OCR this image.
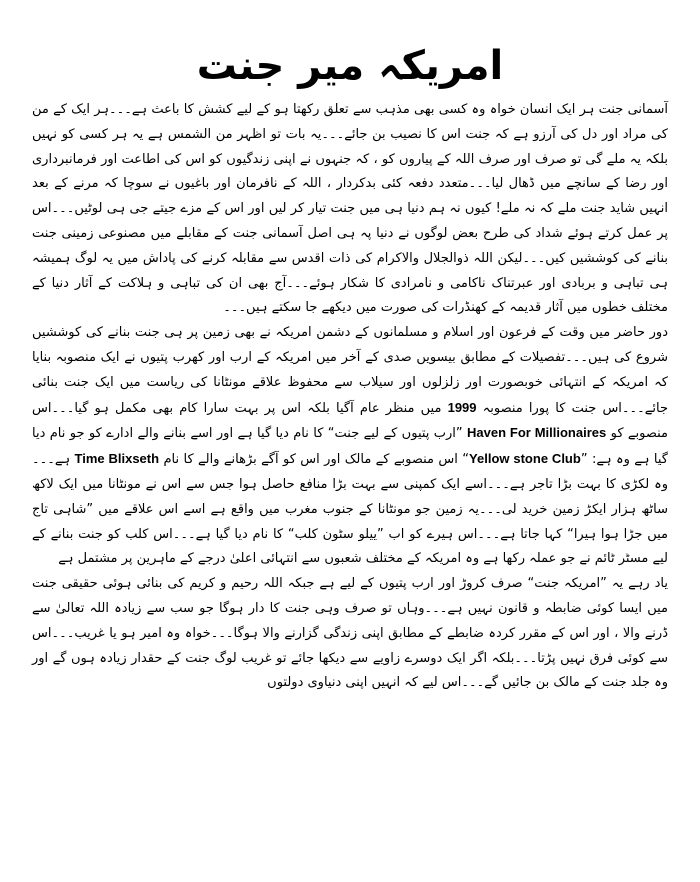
امریکہ میر جنت

آسمانی جنت ہر ایک انسان خواہ وہ کسی بھی مذہب سے تعلق رکھتا ہو کے لیے کشش کا باعث ہے۔۔۔ہر ایک کے من کی مراد اور دل کی آرزو ہے کہ جنت اس کا نصیب بن جائے۔۔۔یہ بات تو اظہر من الشمس ہے یہ ہر کسی کو نہیں بلکہ یہ ملے گی تو صرف اور صرف اللہ کے پیاروں کو ، کہ جنہوں نے اپنی زندگیوں کو اس کی اطاعت اور فرمانبرداری اور رضا کے سانچے میں ڈھال لیا۔۔۔متعدد دفعہ کئی بدکردار ، اللہ کے نافرمان اور باغیوں نے سوچا کہ مرنے کے بعد انہیں شاید جنت ملے کہ نہ ملے! کیوں نہ ہم دنیا ہی میں جنت تیار کر لیں اور اس کے مزے جیتے جی ہی لوٹیں۔۔۔اس پر عمل کرتے ہوئے شداد کی طرح بعض لوگوں نے دنیا پہ ہی اصل آسمانی جنت کے مقابلے میں مصنوعی زمینی جنت بنانے کی کوششیں کیں۔۔۔لیکن اللہ ذوالجلال والاکرام کی ذات اقدس سے مقابلہ کرنے کی پاداش میں یہ لوگ ہمیشہ ہی تباہی و بربادی اور عبرتناک ناکامی و نامرادی کا شکار ہوئے۔۔۔آج بھی ان کی تباہی و ہلاکت کے آثار دنیا کے مختلف خطوں میں آثار قدیمہ کے کھنڈرات کی صورت میں دیکھے جا سکتے ہیں۔۔۔

دور حاضر میں وقت کے فرعون اور اسلام و مسلمانوں کے دشمن امریکہ نے بھی زمین پر ہی جنت بنانے کی کوششیں شروع کی ہیں۔۔۔تفصیلات کے مطابق بیسویں صدی کے آخر میں امریکہ کے ارب اور کھرب پتیوں نے ایک منصوبہ بنایا کہ امریکہ کے انتہائی خوبصورت اور زلزلوں اور سیلاب سے محفوظ علاقے مونٹانا کی ریاست میں ایک جنت بنائی جائے۔۔۔اس جنت کا پورا منصوبہ 1999 میں منظر عام آگیا بلکہ اس پر بہت سارا کام بھی مکمل ہو گیا۔۔۔اس منصوبے کو Haven For Millionaires ”ارب پتیوں کے لیے جنت“ کا نام دیا گیا ہے اور اسے بنانے والے ادارے کو جو نام دیا گیا ہے وہ ہے: ”Yellow stone Club“ اس منصوبے کے مالک اور اس کو آگے بڑھانے والے کا نام Time Blixseth ہے۔۔۔وہ لکڑی کا بہت بڑا تاجر ہے۔۔۔اسے ایک کمپنی سے بہت بڑا منافع حاصل ہوا جس سے اس نے مونٹانا میں ایک لاکھ ساٹھ ہزار ایکڑ زمین خرید لی۔۔۔یہ زمین جو مونٹانا کے جنوب مغرب میں واقع ہے اسے اس علاقے میں ”شاہی تاج میں جڑا ہوا ہیرا“ کہا جاتا ہے۔۔۔اس ہیرے کو اب ”ییلو سٹون کلب“ کا نام دیا گیا ہے۔۔۔اس کلب کو جنت بنانے کے لیے مسٹر ٹائم نے جو عملہ رکھا ہے وہ امریکہ کے مختلف شعبوں سے انتہائی اعلیٰ درجے کے ماہرین پر مشتمل ہے

یاد رہے یہ ”امریکہ جنت“ صرف کروڑ اور ارب پتیوں کے لیے ہے جبکہ اللہ رحیم و کریم کی بنائی ہوئی حقیقی جنت میں ایسا کوئی ضابطہ و قانون نہیں ہے۔۔۔وہاں تو صرف وہی جنت کا دار ہوگا جو سب سے زیادہ اللہ تعالیٰ سے ڈرنے والا ، اور اس کے مقرر کردہ ضابطے کے مطابق اپنی زندگی گزارنے والا ہوگا۔۔۔خواہ وہ امیر ہو یا غریب۔۔۔اس سے کوئی فرق نہیں پڑتا۔۔۔بلکہ اگر ایک دوسرے زاویے سے دیکھا جائے تو غریب لوگ جنت کے حقدار زیادہ ہوں گے اور وہ جلد جنت کے مالک بن جائیں گے۔۔۔اس لیے کہ انہیں اپنی دنیاوی دولتوں
